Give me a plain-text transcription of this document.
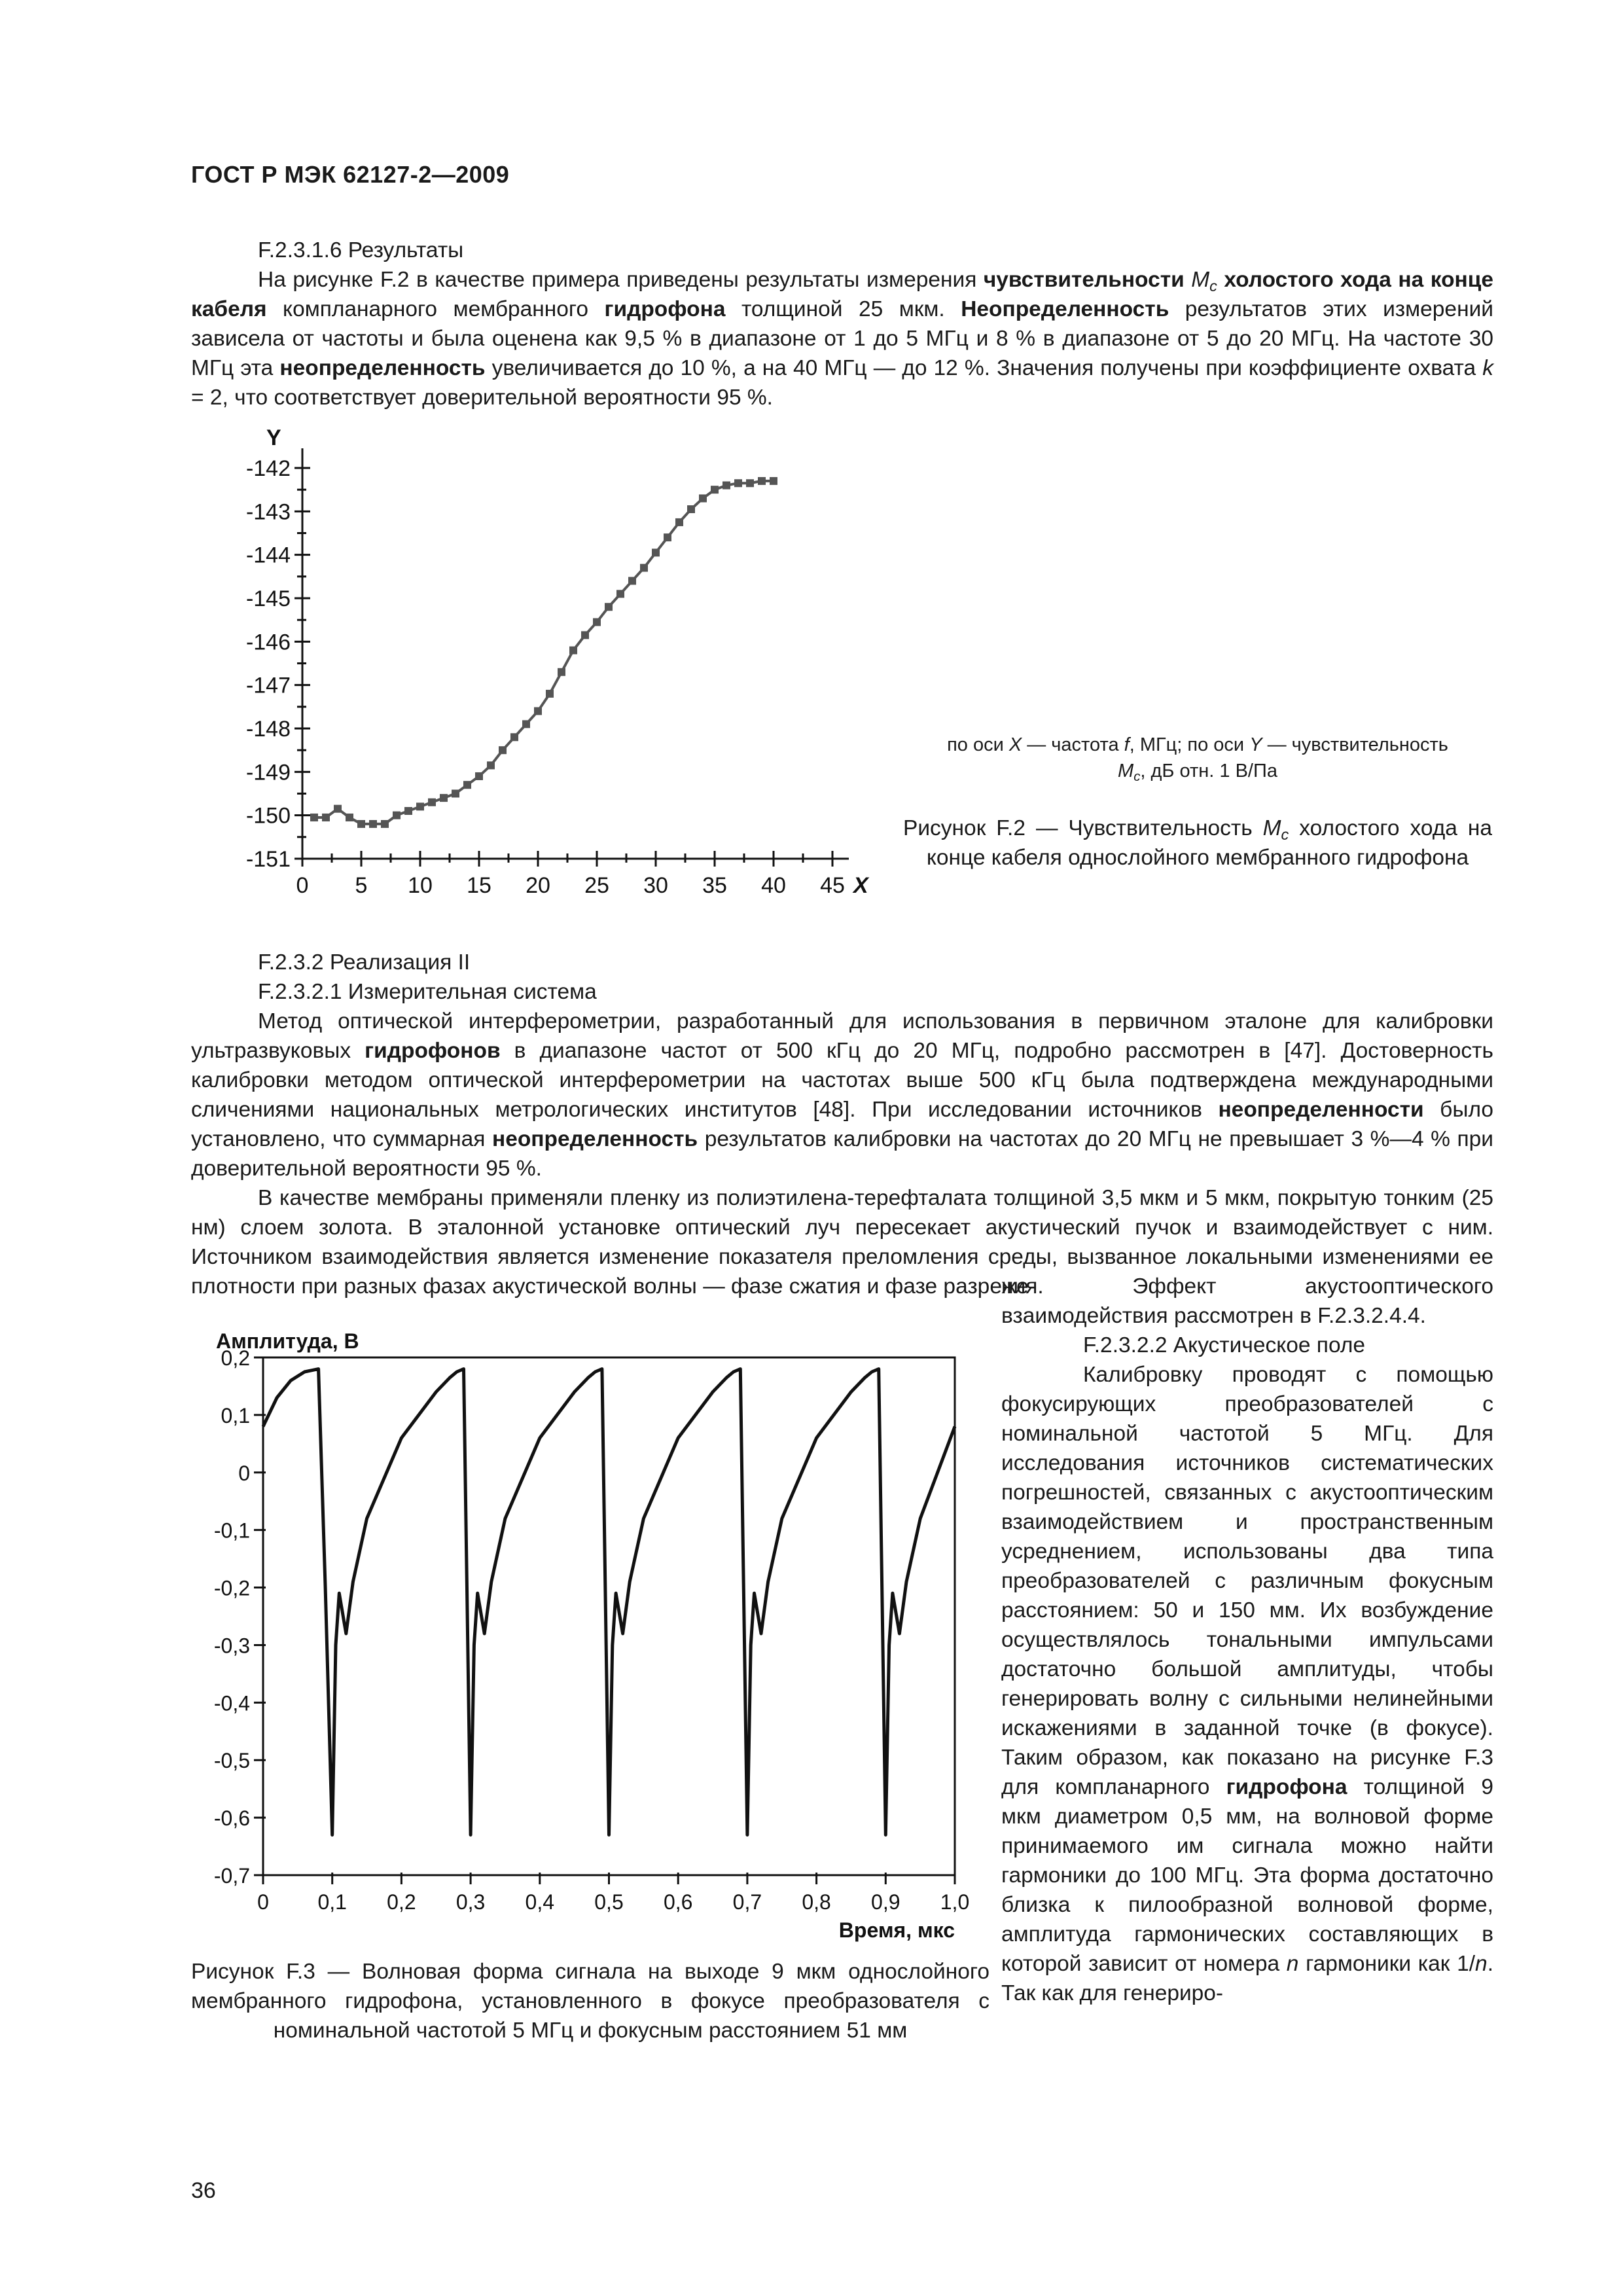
ГОСТ Р МЭК 62127-2—2009
F.2.3.1.6 Результаты
На рисунке F.2 в качестве примера приведены результаты измерения чувствительности $M_c$ холостого хода на конце кабеля компланарного мембранного гидрофона толщиной 25 мкм. Неопределенность результатов этих измерений зависела от частоты и была оценена как 9,5 % в диапазоне от 1 до 5 МГц и 8 % в диапазоне от 5 до 20 МГц. На частоте 30 МГц эта неопределенность увеличивается до 10 %, а на 40 МГц — до 12 %. Значения получены при коэффициенте охвата k = 2, что соответствует доверительной вероятности 95 %.
-142
-143
-144
-145
-146
-147
-148
-149
-150
-151
0 5 10 15 20 25 30 35 40 45
Y
X
по оси X — частота f, МГц; по оси Y — чувствительность
$M_c$, дБ отн. 1 В/Па
Рисунок F.2 — Чувствительность $M_c$ холостого хода на конце кабеля однослойного мембранного гидрофона
F.2.3.2 Реализация II
F.2.3.2.1 Измерительная система
Метод оптической интерферометрии, разработанный для использования в первичном эталоне для калибровки ультразвуковых гидрофонов в диапазоне частот от 500 кГц до 20 МГц, подробно рассмотрен в [47]. Достоверность калибровки методом оптической интерферометрии на частотах выше 500 кГц была подтверждена международными сличениями национальных метрологических институтов [48]. При исследовании источников неопределенности было установлено, что суммарная неопределенность результатов калибровки на частотах до 20 МГц не превышает 3 %—4 % при доверительной вероятности 95 %.
В качестве мембраны применяли пленку из полиэтилена-терефталата толщиной 3,5 мкм и 5 мкм, покрытую тонким (25 нм) слоем золота. В эталонной установке оптический луч пересекает акустический пучок и взаимодействует с ним. Источником взаимодействия является изменение показателя преломления среды, вызванное локальными изменениями ее плотности при разных фазах акустической волны — фазе сжатия и фазе разреже-
ния. Эффект акустооптического взаимодействия рассмотрен в F.2.3.2.4.4.
F.2.3.2.2 Акустическое поле
Калибровку проводят с помощью фокусирующих преобразователей с номинальной частотой 5 МГц. Для исследования источников систематических погрешностей, связанных с акустооптическим взаимодействием и пространственным усреднением, использованы два типа преобразователей с различным фокусным расстоянием: 50 и 150 мм. Их возбуждение осуществлялось тональными импульсами достаточно большой амплитуды, чтобы генерировать волну с сильными нелинейными искажениями в заданной точке (в фокусе). Таким образом, как показано на рисунке F.3 для компланарного гидрофона толщиной 9 мкм диаметром 0,5 мм, на волновой форме принимаемого им сигнала можно найти гармоники до 100 МГц. Эта форма достаточно близка к пилообразной волновой форме, амплитуда гармонических составляющих в которой зависит от номера n гармоники как 1/n. Так как для генериро-
0,2
0,1
0
-0,1
-0,2
-0,3
-0,4
-0,5
-0,6
-0,7
0 0,1 0,2 0,3 0,4 0,5 0,6 0,7 0,8 0,9 1,0
Амплитуда, В
Время, мкс
Рисунок F.3 — Волновая форма сигнала на выходе 9 мкм однослойного мембранного гидрофона, установленного в фокусе преобразователя с номинальной частотой 5 МГц и фокусным расстоянием 51 мм
36
